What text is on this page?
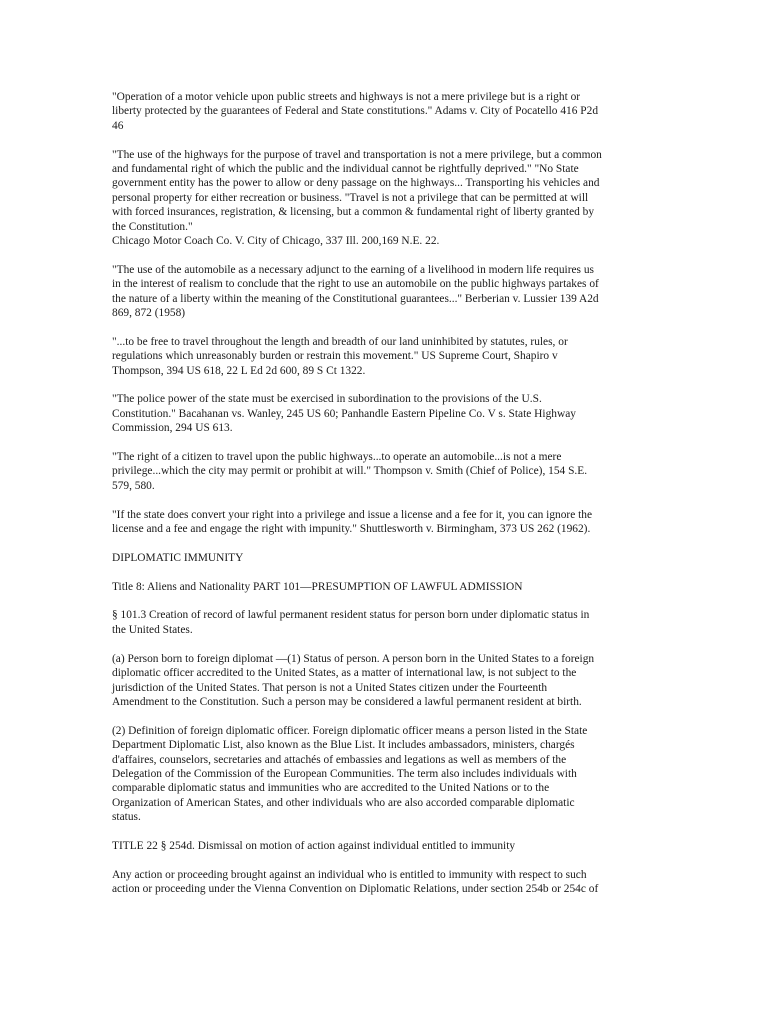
"Operation of a motor vehicle upon public streets and highways is not a mere privilege but is a right or
liberty protected by the guarantees of Federal and State constitutions." Adams v. City of Pocatello 416 P2d
46
"The use of the highways for the purpose of travel and transportation is not a mere privilege, but a common
and fundamental right of which the public and the individual cannot be rightfully deprived." "No State
government entity has the power to allow or deny passage on the highways... Transporting his vehicles and
personal property for either recreation or business. "Travel is not a privilege that can be permitted at will
with forced insurances, registration, & licensing, but a common & fundamental right of liberty granted by
the Constitution."
Chicago Motor Coach Co. V. City of Chicago, 337 Ill. 200,169 N.E. 22.
"The use of the automobile as a necessary adjunct to the earning of a livelihood in modern life requires us
in the interest of realism to conclude that the right to use an automobile on the public highways partakes of
the nature of a liberty within the meaning of the Constitutional guarantees..." Berberian v. Lussier 139 A2d
869, 872 (1958)
"...to be free to travel throughout the length and breadth of our land uninhibited by statutes, rules, or
regulations which unreasonably burden or restrain this movement." US Supreme Court, Shapiro v
Thompson, 394 US 618, 22 L Ed 2d 600, 89 S Ct 1322.
"The police power of the state must be exercised in subordination to the provisions of the U.S.
Constitution." Bacahanan vs. Wanley, 245 US 60; Panhandle Eastern Pipeline Co. V s. State Highway
Commission, 294 US 613.
"The right of a citizen to travel upon the public highways...to operate an automobile...is not a mere
privilege...which the city may permit or prohibit at will." Thompson v. Smith (Chief of Police), 154 S.E.
579, 580.
"If the state does convert your right into a privilege and issue a license and a fee for it, you can ignore the
license and a fee and engage the right with impunity." Shuttlesworth v. Birmingham, 373 US 262 (1962).
DIPLOMATIC IMMUNITY
Title 8: Aliens and Nationality PART 101—PRESUMPTION OF LAWFUL ADMISSION
§ 101.3 Creation of record of lawful permanent resident status for person born under diplomatic status in
the United States.
(a) Person born to foreign diplomat —(1) Status of person. A person born in the United States to a foreign
diplomatic officer accredited to the United States, as a matter of international law, is not subject to the
jurisdiction of the United States. That person is not a United States citizen under the Fourteenth
Amendment to the Constitution. Such a person may be considered a lawful permanent resident at birth.
(2) Definition of foreign diplomatic officer. Foreign diplomatic officer means a person listed in the State
Department Diplomatic List, also known as the Blue List. It includes ambassadors, ministers, chargés
d'affaires, counselors, secretaries and attachés of embassies and legations as well as members of the
Delegation of the Commission of the European Communities. The term also includes individuals with
comparable diplomatic status and immunities who are accredited to the United Nations or to the
Organization of American States, and other individuals who are also accorded comparable diplomatic
status.
TITLE 22 § 254d. Dismissal on motion of action against individual entitled to immunity
Any action or proceeding brought against an individual who is entitled to immunity with respect to such
action or proceeding under the Vienna Convention on Diplomatic Relations, under section 254b or 254c of
